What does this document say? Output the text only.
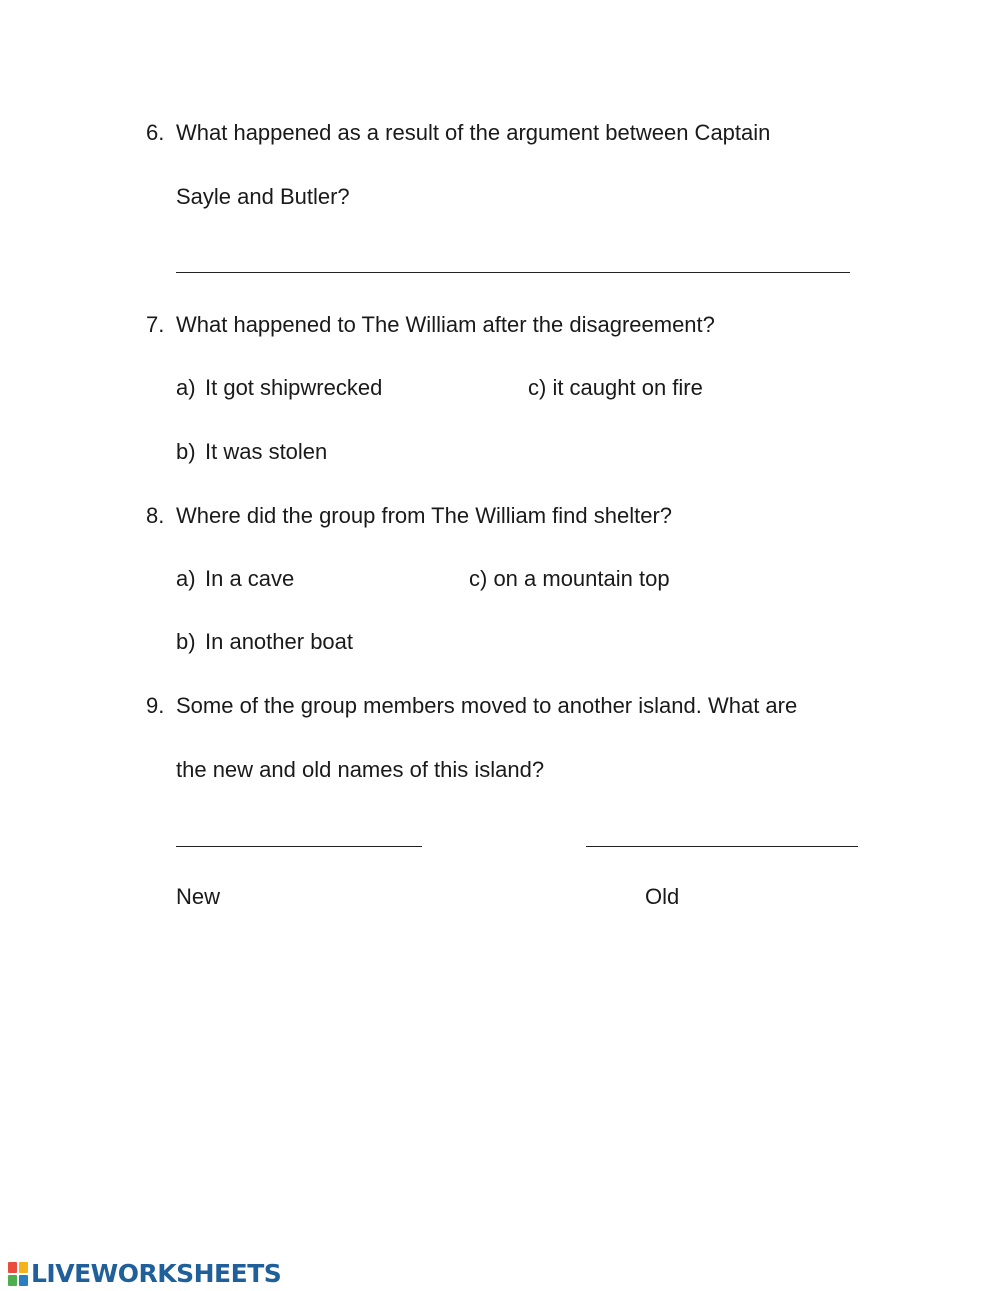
6. What happened as a result of the argument between Captain
Sayle and Butler?
7. What happened to The William after the disagreement?
a) It got shipwrecked	c) it caught on fire
b) It was stolen
8. Where did the group from The William find shelter?
a) In a cave	c) on a mountain top
b) In another boat
9. Some of the group members moved to another island. What are
the new and old names of this island?
New	Old
LIVEWORKSHEETS
